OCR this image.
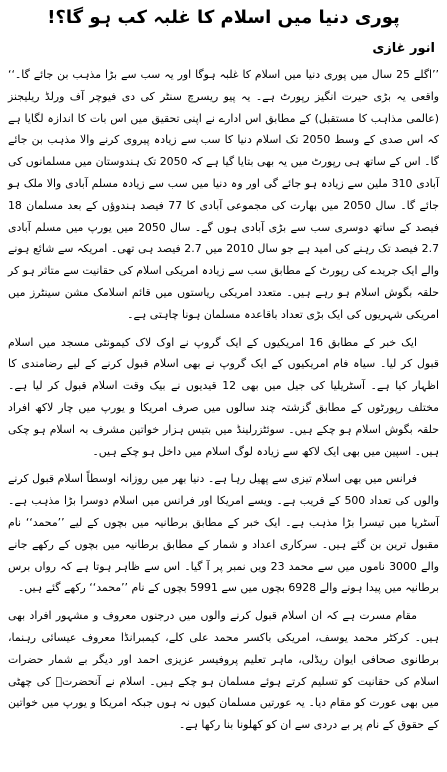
پوری دنیا میں اسلام کا غلبہ کب ہو گا؟!
انور غازی

’’اگلے 25 سال میں پوری دنیا میں اسلام کا غلبہ ہوگا اور یہ سب سے بڑا مذہب بن جائے گا۔‘‘ واقعی یہ بڑی حیرت انگیز رپورٹ ہے۔ یہ پیو ریسرچ سنٹر کی دی فیوچر آف ورلڈ ریلیجنز (عالمی مذاہب کا مستقبل) کے مطابق اس ادارے نے اپنی تحقیق میں اس بات کا اندازہ لگایا ہے کہ اس صدی کے وسط 2050 تک اسلام دنیا کا سب سے زیادہ پیروی کرنے والا مذہب بن جائے گا۔ اس کے ساتھ ہی رپورٹ میں یہ بھی بتایا گیا ہے کہ 2050 تک ہندوستان میں مسلمانوں کی آبادی 310 ملین سے زیادہ ہو جائے گی اور وہ دنیا میں سب سے زیادہ مسلم آبادی والا ملک ہو جائے گا۔ سال 2050 میں بھارت کی مجموعی آبادی کا 77 فیصد ہندوؤں کے بعد مسلمان 18 فیصد کے ساتھ دوسری سب سے بڑی آبادی ہوں گے۔ سال 2050 میں یورپ میں مسلم آبادی 2.7 فیصد تک رہنے کی امید ہے جو سال 2010 میں 2.7 فیصد ہی تھی۔ امریکہ سے شائع ہونے والے ایک جریدے کی رپورٹ کے مطابق سب سے زیادہ امریکی اسلام کی حقانیت سے متاثر ہو کر حلقہ بگوش اسلام ہو رہے ہیں۔ متعدد امریکی ریاستوں میں قائم اسلامک مشن سینٹرز میں امریکی شہریوں کی ایک بڑی تعداد باقاعدہ مسلمان ہونا چاہتی ہے۔

ایک خبر کے مطابق 16 امریکیوں کے ایک گروپ نے اوک لاک کیمونٹی مسجد میں اسلام قبول کر لیا۔ سیاہ فام امریکیوں کے ایک گروپ نے بھی اسلام قبول کرنے کے لیے رضامندی کا اظہار کیا ہے۔ آسٹریلیا کی جیل میں بھی 12 قیدیوں نے بیک وقت اسلام قبول کر لیا ہے۔ مختلف رپورٹوں کے مطابق گزشتہ چند سالوں میں صرف امریکا و یورپ میں چار لاکھ افراد حلقہ بگوش اسلام ہو چکے ہیں۔ سوئٹزرلینڈ میں بتیس ہزار خواتین مشرف بہ اسلام ہو چکی ہیں۔ اسپین میں بھی ایک لاکھ سے زیادہ لوگ اسلام میں داخل ہو چکے ہیں۔

فرانس میں بھی اسلام تیزی سے پھیل رہا ہے۔ دنیا بھر میں روزانہ اوسطاً اسلام قبول کرنے والوں کی تعداد 500 کے قریب ہے۔ ویسے امریکا اور فرانس میں اسلام دوسرا بڑا مذہب ہے۔ آسٹریا میں تیسرا بڑا مذہب ہے۔ ایک خبر کے مطابق برطانیہ میں بچوں کے لیے ’’محمد‘‘ نام مقبول ترین بن گئے ہیں۔ سرکاری اعداد و شمار کے مطابق برطانیہ میں بچوں کے رکھے جانے والے 3000 ناموں میں سے محمد 23 ویں نمبر پر آ گیا۔ اس سے ظاہر ہوتا ہے کہ رواں برس برطانیہ میں پیدا ہونے والے 6928 بچوں میں سے 5991 بچوں کے نام ’’محمد‘‘ رکھے گئے ہیں۔

مقام مسرت ہے کہ ان اسلام قبول کرنے والوں میں درجنوں معروف و مشہور افراد بھی ہیں۔ کرکٹر محمد یوسف، امریکی باکسر محمد علی کلے، کیمبرانڈا معروف عیسائی رہنما، برطانوی صحافی ایوان ریڈلی، ماہر تعلیم پروفیسر عزیزی احمد اور دیگر بے شمار حضرات اسلام کی حقانیت کو تسلیم کرتے ہوئے مسلمان ہو چکے ہیں۔ اسلام نے آنحضرتؐ کی چھٹی میں بھی عورت کو مقام دیا۔ یہ عورتیں مسلمان کیوں نہ ہوں جبکہ امریکا و یورپ میں خواتین کے حقوق کے نام پر بے دردی سے ان کو کھلونا بنا رکھا ہے۔
